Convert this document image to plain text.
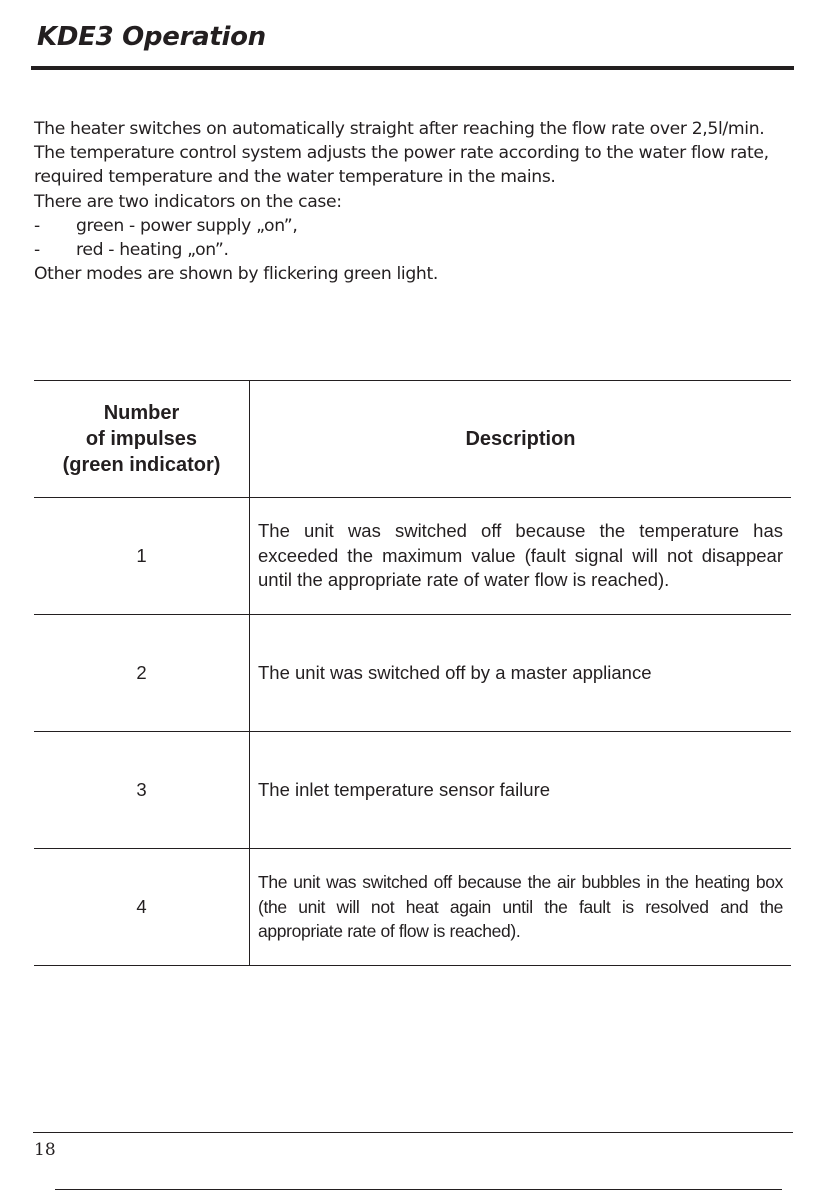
KDE3 Operation

The heater switches on automatically straight after reaching the flow rate over 2,5l/min.

The temperature control system adjusts the power rate according to the water flow rate,

required temperature and the water temperature in the mains.

There are two indicators on the case:

-	green - power supply „on”,

-	red - heating „on”.

Other modes are shown by flickering green light.

Number
of impulses
(green indicator)	Description
1	The unit was switched off because the temperature has exceeded the maximum value (fault signal will not disappear until the appropriate rate of water flow is reached).
2	The unit was switched off by a master appliance
3	The inlet temperature sensor failure
4	The unit was switched off because the air bubbles in the heating box (the unit will not heat again until the fault is resolved and the appropriate rate of flow is reached).
18
